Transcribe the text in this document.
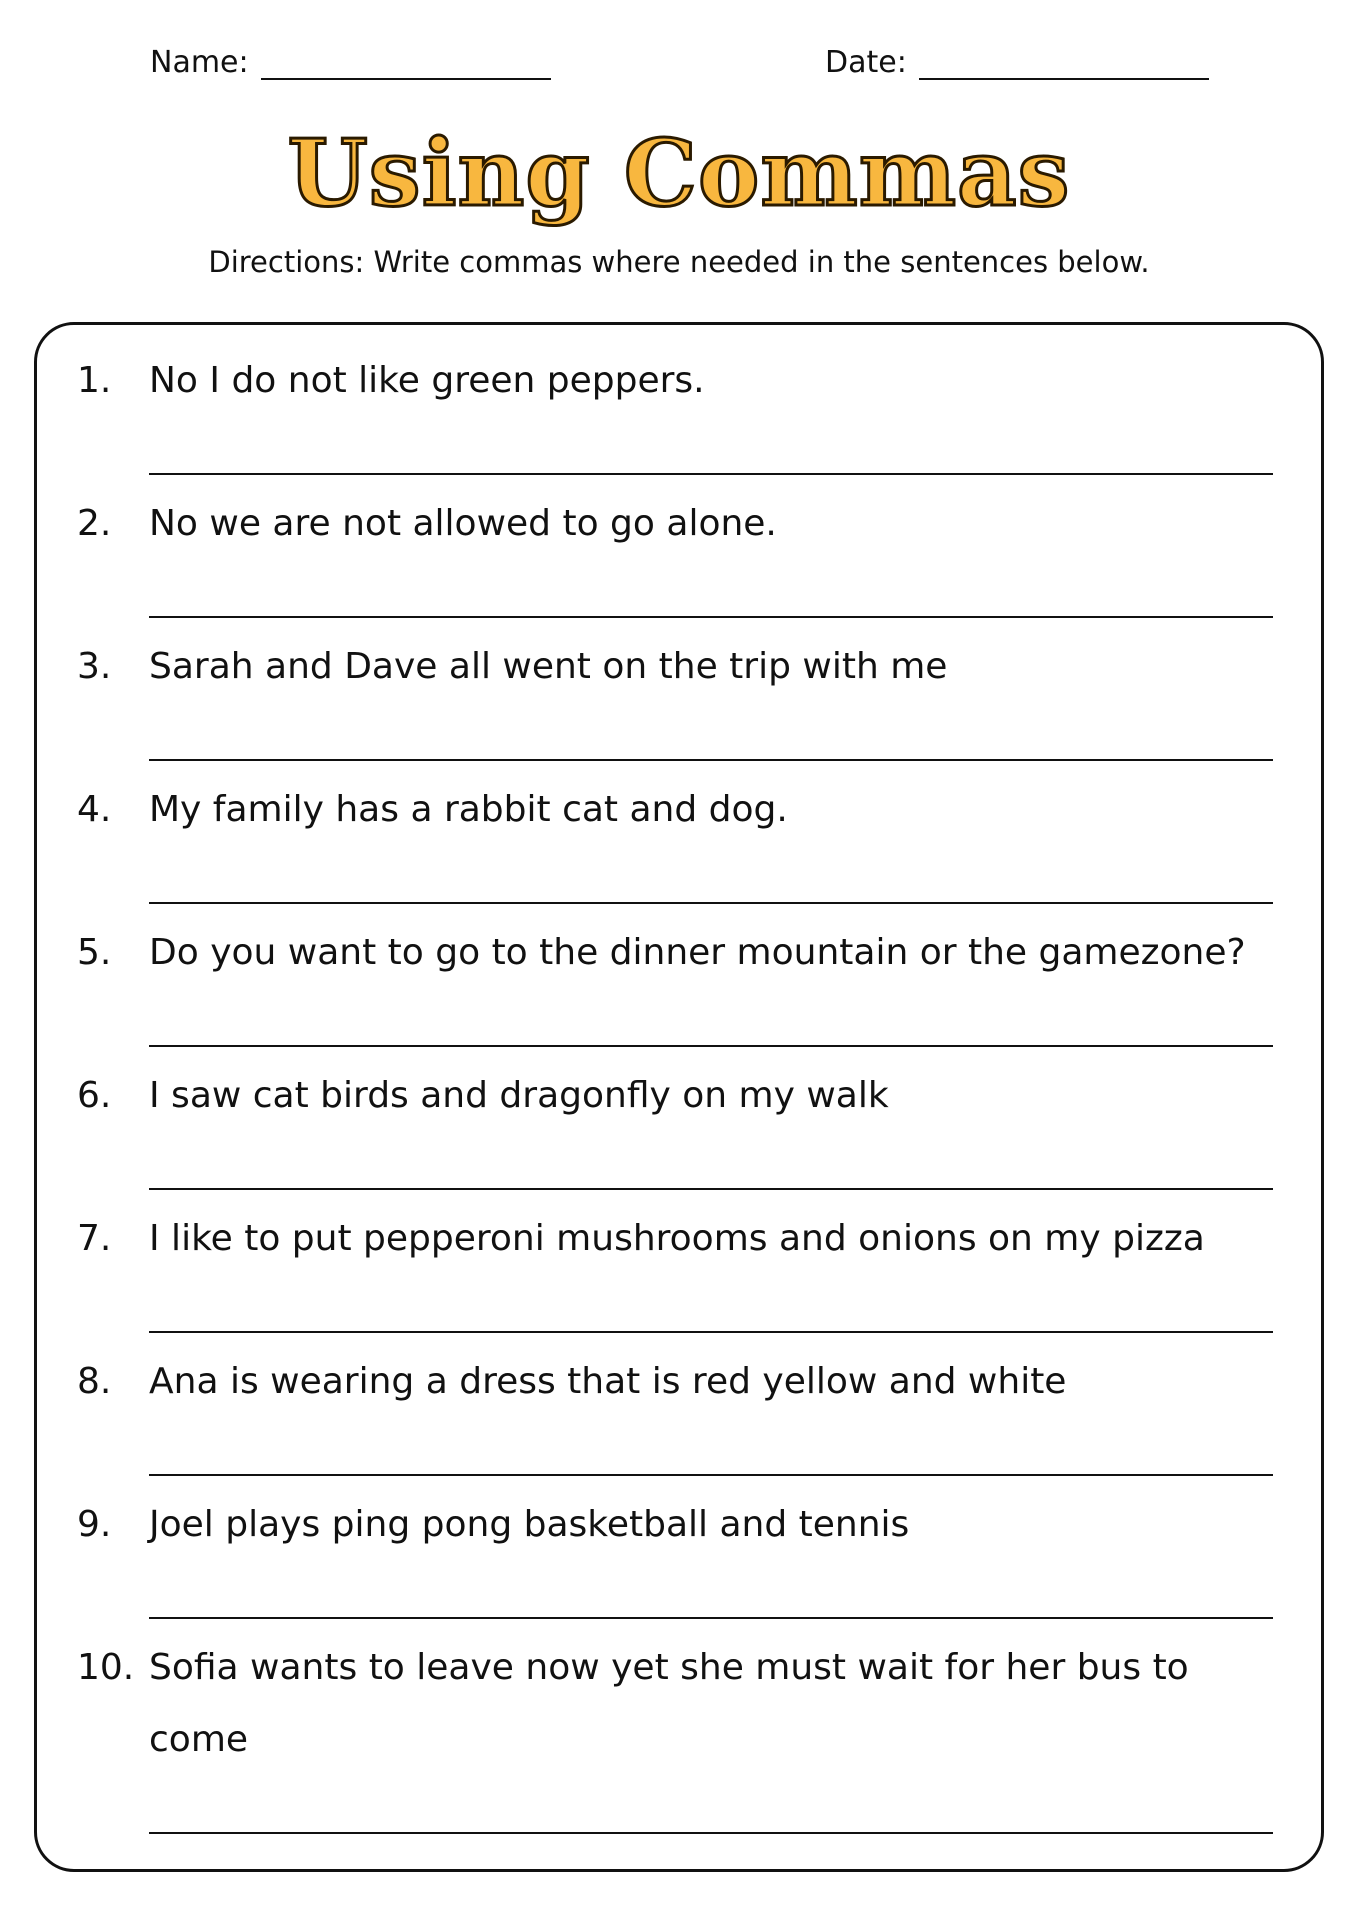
Name:	Date:
Using Commas
Directions: Write commas where needed in the sentences below.
1.	No I do not like green peppers.
2.	No we are not allowed to go alone.
3.	Sarah and Dave all went on the trip with me
4.	My family has a rabbit cat and dog.
5.	Do you want to go to the dinner mountain or the gamezone?
6.	I saw cat birds and dragonfly on my walk
7.	I like to put pepperoni mushrooms and onions on my pizza
8.	Ana is wearing a dress that is red yellow and white
9.	Joel plays ping pong basketball and tennis
10. Sofia wants to leave now yet she must wait for her bus to come
